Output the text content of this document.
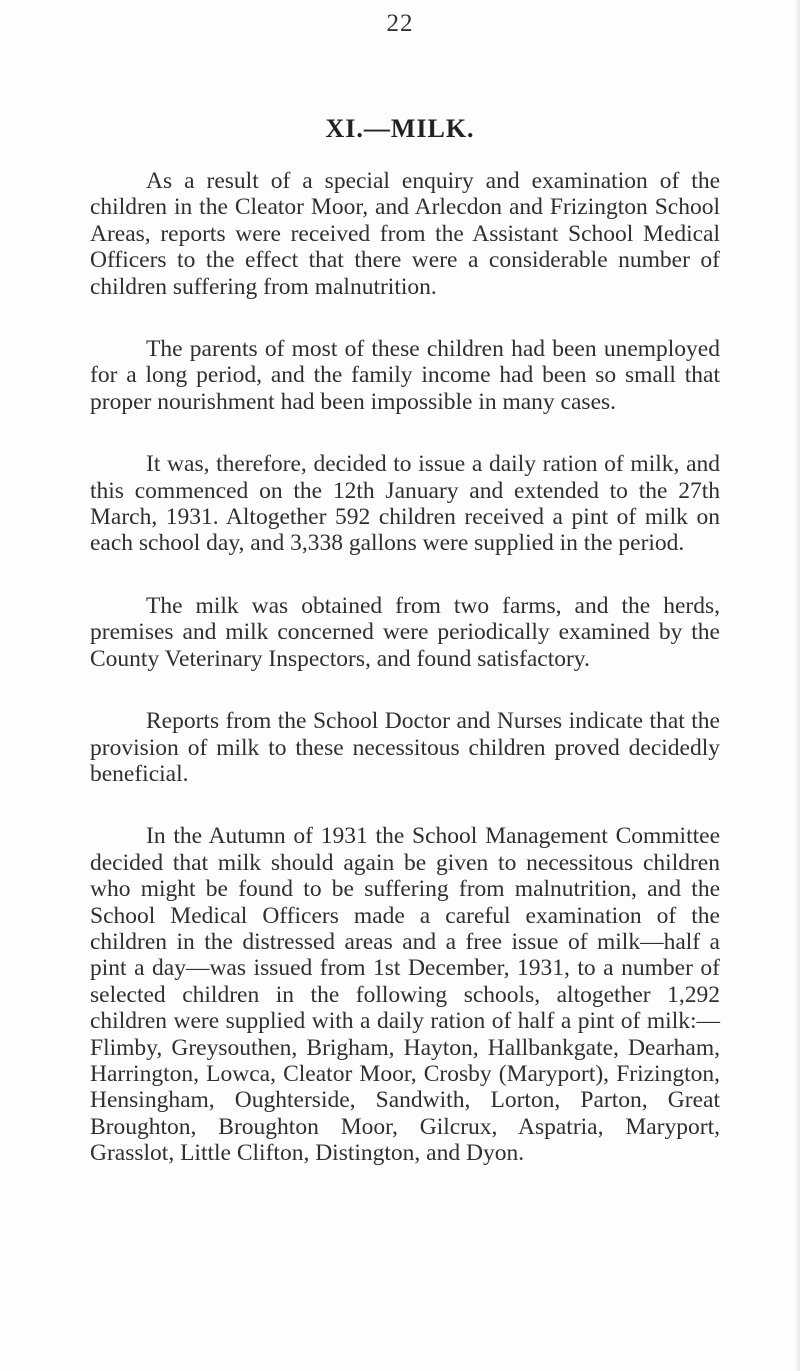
22
XI.—MILK.

As a result of a special enquiry and examination of the children in the Cleator Moor, and Arlecdon and Frizington School Areas, reports were received from the Assistant School Medical Officers to the effect that there were a considerable number of children suffering from malnutrition.

The parents of most of these children had been unemployed for a long period, and the family income had been so small that proper nourishment had been impossible in many cases.

It was, therefore, decided to issue a daily ration of milk, and this commenced on the 12th January and extended to the 27th March, 1931. Altogether 592 children received a pint of milk on each school day, and 3,338 gallons were supplied in the period.

The milk was obtained from two farms, and the herds, premises and milk concerned were periodically examined by the County Veterinary Inspectors, and found satisfactory.

Reports from the School Doctor and Nurses indicate that the provision of milk to these necessitous children proved decidedly beneficial.

In the Autumn of 1931 the School Management Committee decided that milk should again be given to necessitous children who might be found to be suffering from malnutrition, and the School Medical Officers made a careful examination of the children in the distressed areas and a free issue of milk—half a pint a day—was issued from 1st December, 1931, to a number of selected children in the following schools, altogether 1,292 children were supplied with a daily ration of half a pint of milk:—Flimby, Greysouthen, Brigham, Hayton, Hallbankgate, Dearham, Harrington, Lowca, Cleator Moor, Crosby (Maryport), Frizington, Hensingham, Oughterside, Sandwith, Lorton, Parton, Great Broughton, Broughton Moor, Gilcrux, Aspatria, Maryport, Grasslot, Little Clifton, Distington, and Dyon.
